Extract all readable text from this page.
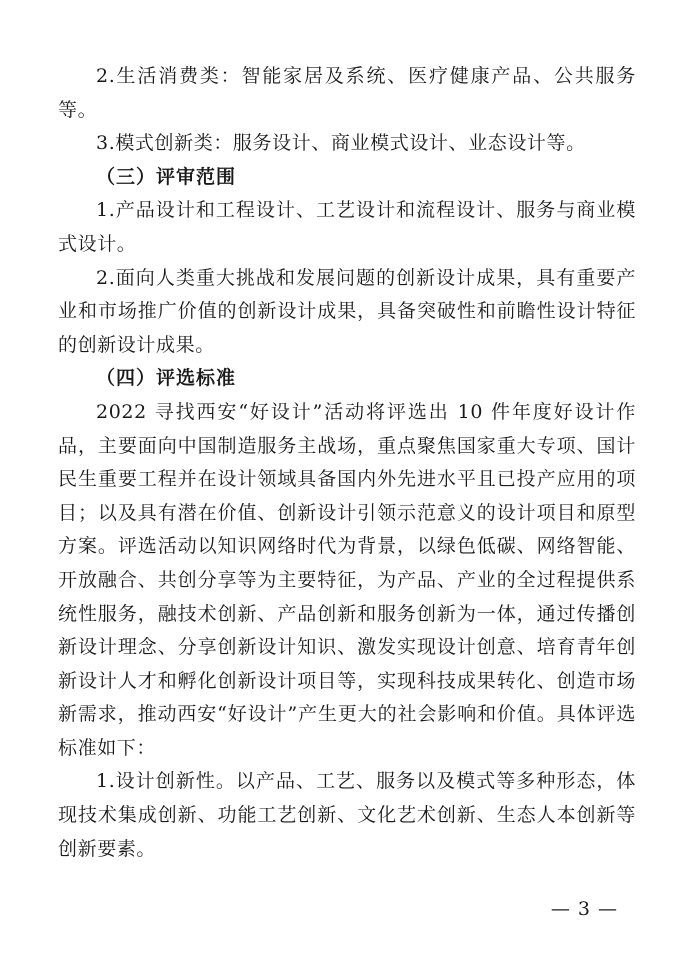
2.生活消费类：智能家居及系统、医疗健康产品、公共服务等。

3.模式创新类：服务设计、商业模式设计、业态设计等。

（三）评审范围

1.产品设计和工程设计、工艺设计和流程设计、服务与商业模式设计。

2.面向人类重大挑战和发展问题的创新设计成果，具有重要产业和市场推广价值的创新设计成果，具备突破性和前瞻性设计特征的创新设计成果。

（四）评选标准

2022 寻找西安“好设计”活动将评选出 10 件年度好设计作品，主要面向中国制造服务主战场，重点聚焦国家重大专项、国计民生重要工程并在设计领域具备国内外先进水平且已投产应用的项目；以及具有潜在价值、创新设计引领示范意义的设计项目和原型方案。评选活动以知识网络时代为背景，以绿色低碳、网络智能、开放融合、共创分享等为主要特征，为产品、产业的全过程提供系统性服务，融技术创新、产品创新和服务创新为一体，通过传播创新设计理念、分享创新设计知识、激发实现设计创意、培育青年创新设计人才和孵化创新设计项目等，实现科技成果转化、创造市场新需求，推动西安“好设计”产生更大的社会影响和价值。具体评选标准如下：

1.设计创新性。以产品、工艺、服务以及模式等多种形态，体现技术集成创新、功能工艺创新、文化艺术创新、生态人本创新等创新要素。

— 3 —
